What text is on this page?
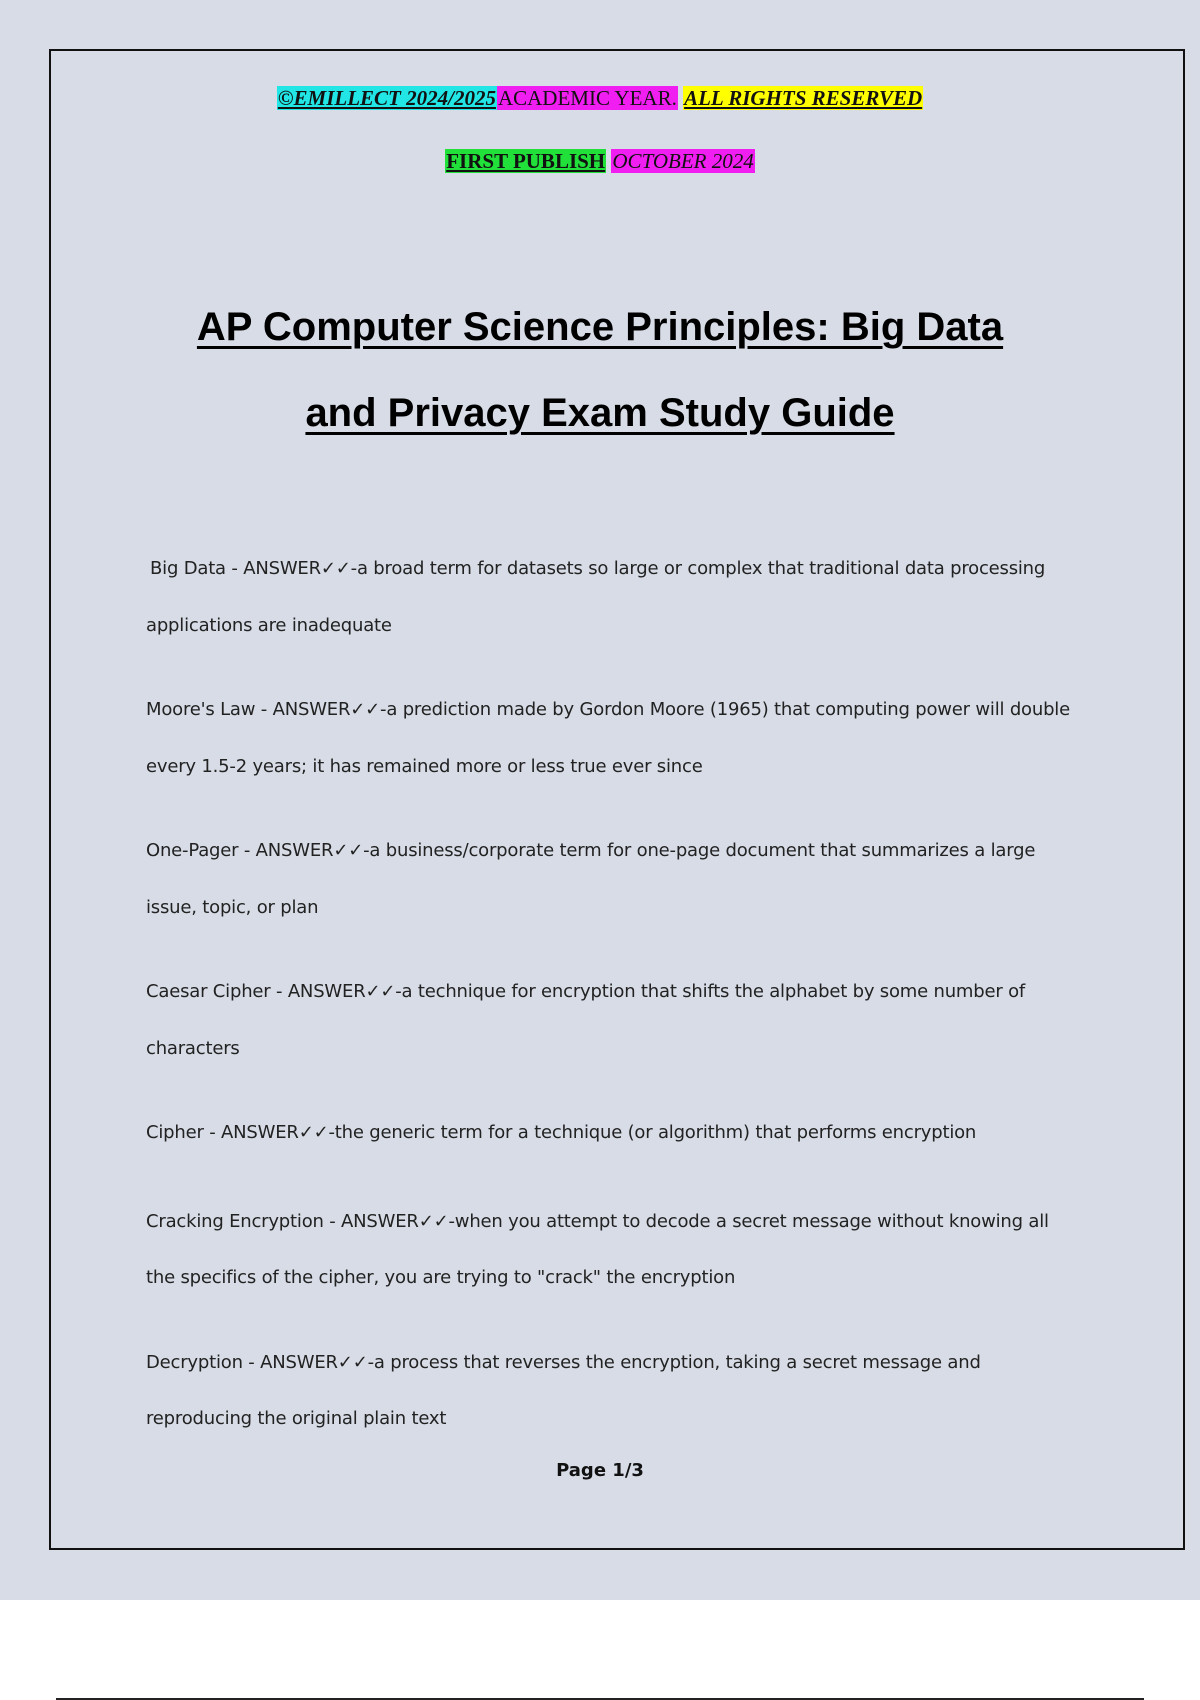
©EMILLECT 2024/2025ACADEMIC YEAR. ALL RIGHTS RESERVED
FIRST PUBLISH OCTOBER 2024
AP Computer Science Principles: Big Data
and Privacy Exam Study Guide

Big Data - ANSWER✓✓-a broad term for datasets so large or complex that traditional data processing applications are inadequate

Moore's Law - ANSWER✓✓-a prediction made by Gordon Moore (1965) that computing power will double every 1.5-2 years; it has remained more or less true ever since

One-Pager - ANSWER✓✓-a business/corporate term for one-page document that summarizes a large issue, topic, or plan

Caesar Cipher - ANSWER✓✓-a technique for encryption that shifts the alphabet by some number of characters

Cipher - ANSWER✓✓-the generic term for a technique (or algorithm) that performs encryption

Cracking Encryption - ANSWER✓✓-when you attempt to decode a secret message without knowing all the specifics of the cipher, you are trying to "crack" the encryption

Decryption - ANSWER✓✓-a process that reverses the encryption, taking a secret message and reproducing the original plain text

Page 1/3
